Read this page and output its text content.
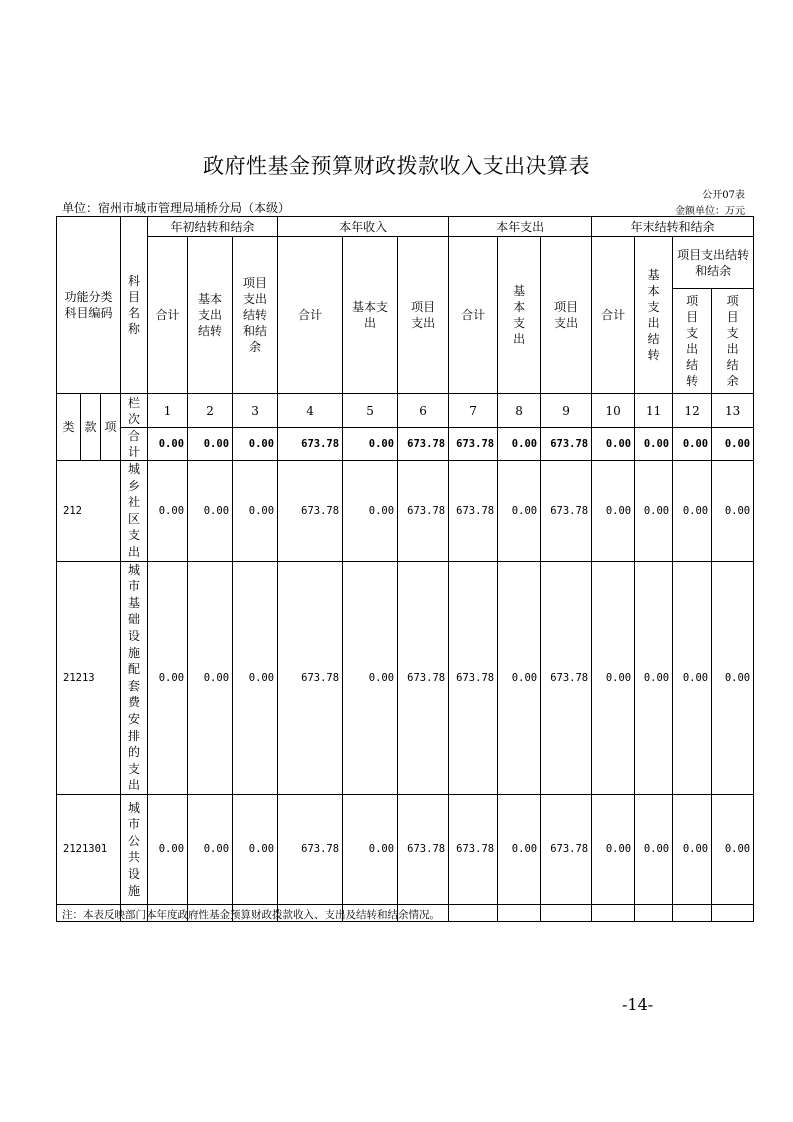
政府性基金预算财政拨款收入支出决算表
公开07表
单位：宿州市城市管理局埇桥分局（本级）	金额单位：万元
功能分类科目编码			科目名称	年初结转和结余			本年收入			本年支出			年末结转和结余			
				合计	基本支出结转	项目支出结转和结余	合计	基本支出	项目支出	合计	基本支出	项目支出	合计	基本支出结转	项目支出结转和结余	
															项目支出结转	项目支出结余
类	款	项	栏次	1	2	3	4	5	6	7	8	9	10	11	12	13
			合计	0.00	0.00	0.00	673.78	0.00	673.78	673.78	0.00	673.78	0.00	0.00	0.00	0.00
212			城乡社区支出	0.00	0.00	0.00	673.78	0.00	673.78	673.78	0.00	673.78	0.00	0.00	0.00	0.00
21213			城市基础设施配套费安排的支出	0.00	0.00	0.00	673.78	0.00	673.78	673.78	0.00	673.78	0.00	0.00	0.00	0.00
2121301			城市公共设施	0.00	0.00	0.00	673.78	0.00	673.78	673.78	0.00	673.78	0.00	0.00	0.00	0.00

注：本表反映部门本年度政府性基金预算财政拨款收入、支出及结转和结余情况。
-14-
